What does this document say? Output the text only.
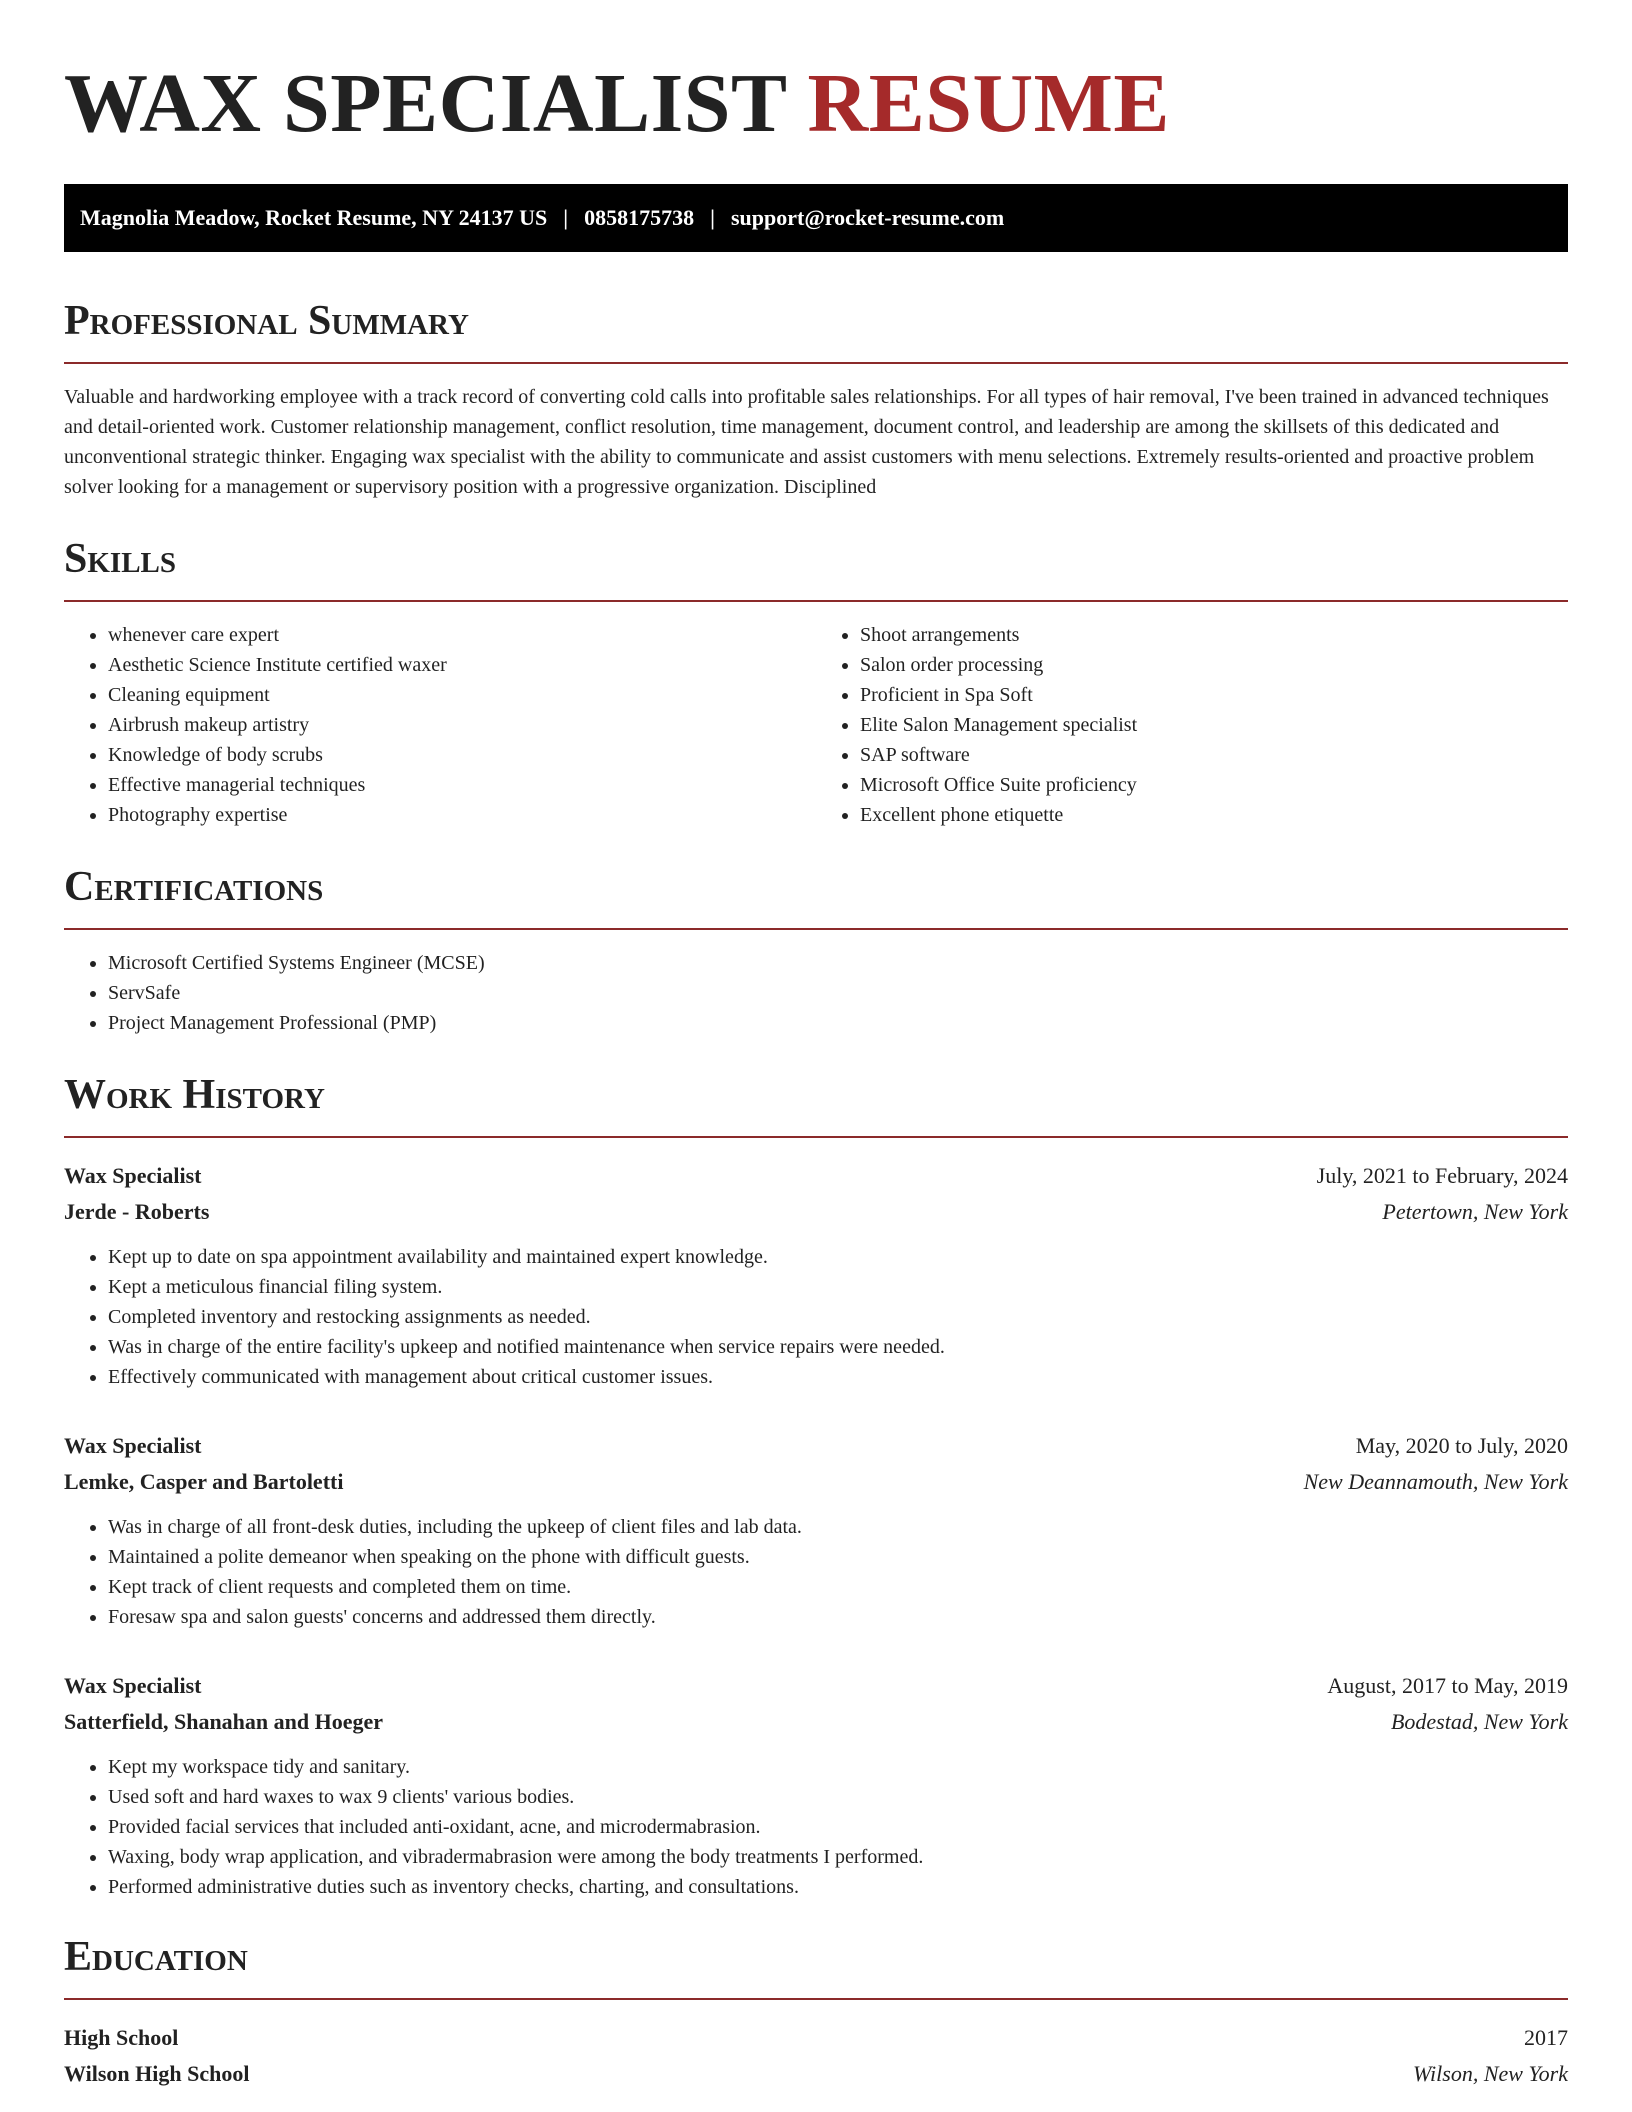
WAX SPECIALIST RESUME
Magnolia Meadow, Rocket Resume, NY 24137 US | 0858175738 | support@rocket-resume.com
Professional Summary

Valuable and hardworking employee with a track record of converting cold calls into profitable sales relationships. For all types of hair removal, I've been trained in advanced techniques and detail-oriented work. Customer relationship management, conflict resolution, time management, document control, and leadership are among the skillsets of this dedicated and unconventional strategic thinker. Engaging wax specialist with the ability to communicate and assist customers with menu selections. Extremely results-oriented and proactive problem solver looking for a management or supervisory position with a progressive organization. Disciplined

Skills
• whenever care expert
• Aesthetic Science Institute certified waxer
• Cleaning equipment
• Airbrush makeup artistry
• Knowledge of body scrubs
• Effective managerial techniques
• Photography expertise
• Shoot arrangements
• Salon order processing
• Proficient in Spa Soft
• Elite Salon Management specialist
• SAP software
• Microsoft Office Suite proficiency
• Excellent phone etiquette
Certifications
• Microsoft Certified Systems Engineer (MCSE)
• ServSafe
• Project Management Professional (PMP)
Work History
Wax Specialist	July, 2021 to February, 2024
Jerde - Roberts	Petertown, New York
• Kept up to date on spa appointment availability and maintained expert knowledge.
• Kept a meticulous financial filing system.
• Completed inventory and restocking assignments as needed.
• Was in charge of the entire facility's upkeep and notified maintenance when service repairs were needed.
• Effectively communicated with management about critical customer issues.
Wax Specialist	May, 2020 to July, 2020
Lemke, Casper and Bartoletti	New Deannamouth, New York
• Was in charge of all front-desk duties, including the upkeep of client files and lab data.
• Maintained a polite demeanor when speaking on the phone with difficult guests.
• Kept track of client requests and completed them on time.
• Foresaw spa and salon guests' concerns and addressed them directly.
Wax Specialist	August, 2017 to May, 2019
Satterfield, Shanahan and Hoeger	Bodestad, New York
• Kept my workspace tidy and sanitary.
• Used soft and hard waxes to wax 9 clients' various bodies.
• Provided facial services that included anti-oxidant, acne, and microdermabrasion.
• Waxing, body wrap application, and vibradermabrasion were among the body treatments I performed.
• Performed administrative duties such as inventory checks, charting, and consultations.
Education
High School	2017
Wilson High School	Wilson, New York
